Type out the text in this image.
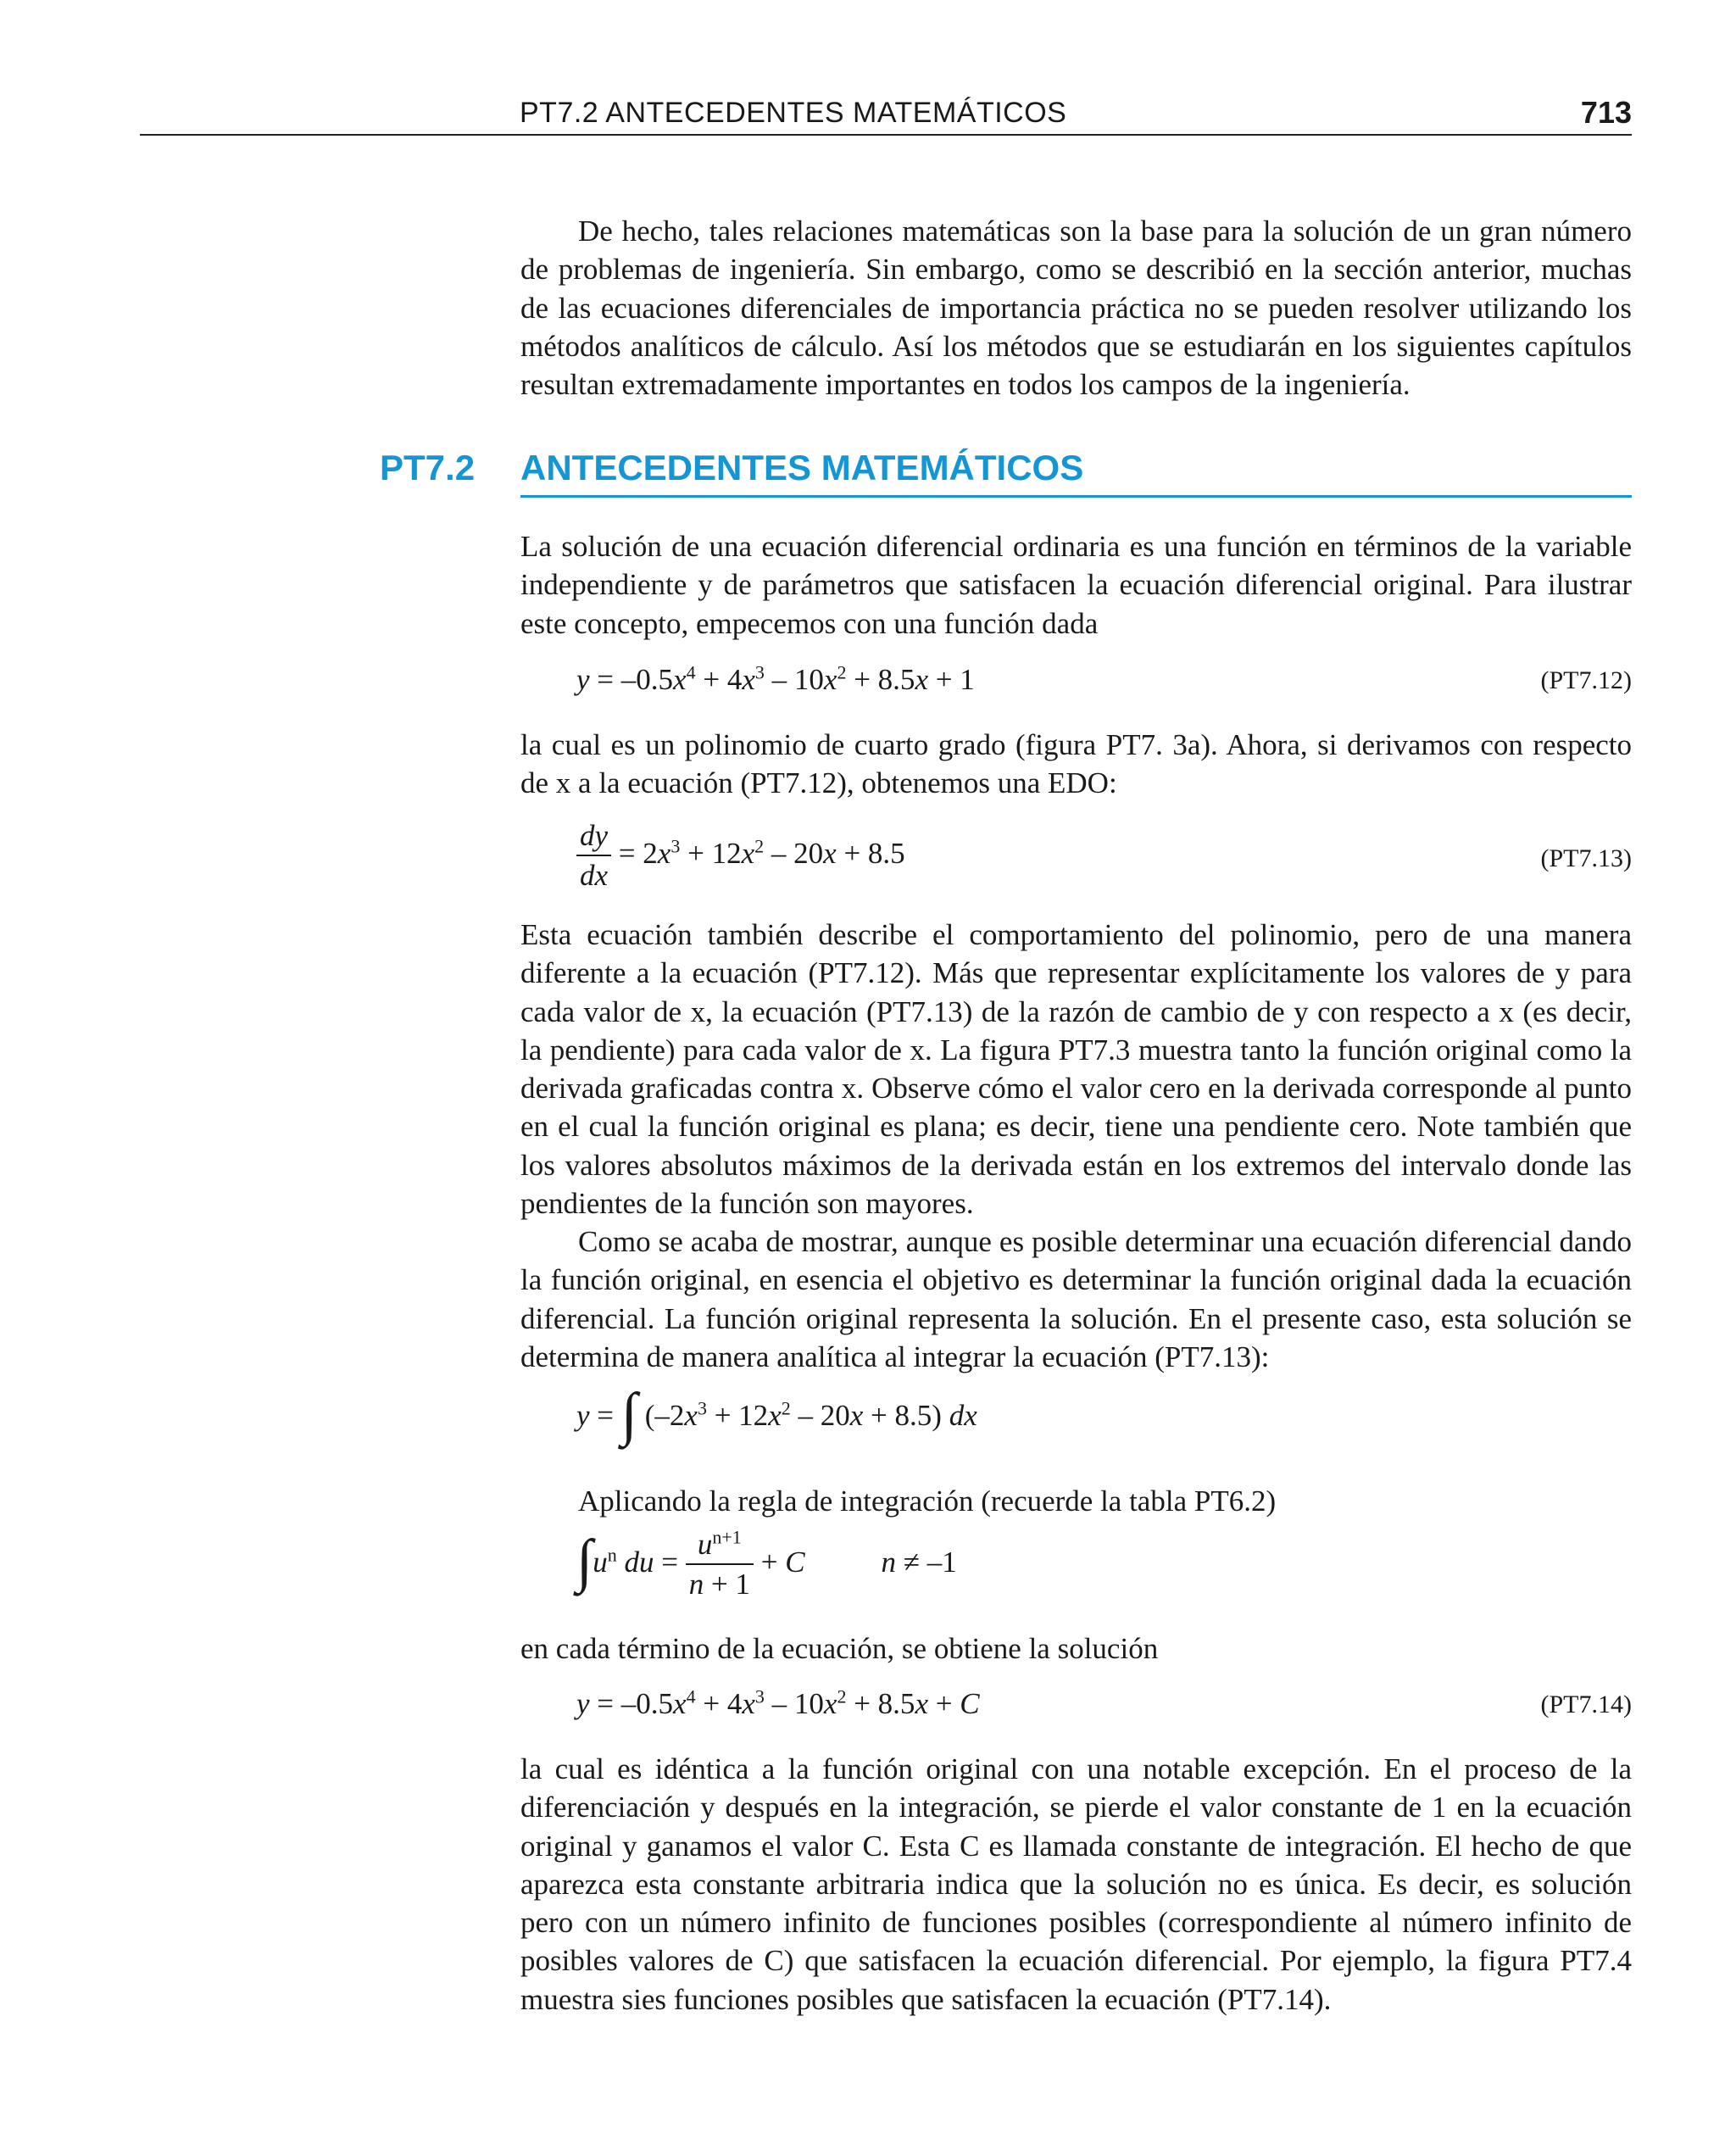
PT7.2 ANTECEDENTES MATEMÁTICOS	713

De hecho, tales relaciones matemáticas son la base para la solución de un gran número de problemas de ingeniería. Sin embargo, como se describió en la sección anterior, muchas de las ecuaciones diferenciales de importancia práctica no se pueden resolver utilizando los métodos analíticos de cálculo. Así los métodos que se estudiarán en los siguientes capítulos resultan extremadamente importantes en todos los campos de la ingeniería.

PT7.2 ANTECEDENTES MATEMÁTICOS

La solución de una ecuación diferencial ordinaria es una función en términos de la variable independiente y de parámetros que satisfacen la ecuación diferencial original. Para ilustrar este concepto, empecemos con una función dada

$y = -0.5x^4 + 4x^3 - 10x^2 + 8.5x + 1$	(PT7.12)

la cual es un polinomio de cuarto grado (figura PT7. 3a). Ahora, si derivamos con respecto de x a la ecuación (PT7.12), obtenemos una EDO:

$\frac{dy}{dx} = 2x^3 + 12x^2 - 20x + 8.5$	(PT7.13)

Esta ecuación también describe el comportamiento del polinomio, pero de una manera diferente a la ecuación (PT7.12). Más que representar explícitamente los valores de y para cada valor de x, la ecuación (PT7.13) de la razón de cambio de y con respecto a x (es decir, la pendiente) para cada valor de x. La figura PT7.3 muestra tanto la función original como la derivada graficadas contra x. Observe cómo el valor cero en la derivada corresponde al punto en el cual la función original es plana; es decir, tiene una pendiente cero. Note también que los valores absolutos máximos de la derivada están en los extremos del intervalo donde las pendientes de la función son mayores.

Como se acaba de mostrar, aunque es posible determinar una ecuación diferencial dando la función original, en esencia el objetivo es determinar la función original dada la ecuación diferencial. La función original representa la solución. En el presente caso, esta solución se determina de manera analítica al integrar la ecuación (PT7.13):

y = ∫ $(-2x^3 + 12x^2 - 20x + 8.5)$ dx

Aplicando la regla de integración (recuerde la tabla PT6.2)

$\int u^n$ du = $\frac{u^{n+1}}{n + 1} + C$	n ≠ –1

en cada término de la ecuación, se obtiene la solución

$y = -0.5x^4 + 4x^3 - 10x^2 + 8.5x + C$	(PT7.14)

la cual es idéntica a la función original con una notable excepción. En el proceso de la diferenciación y después en la integración, se pierde el valor constante de 1 en la ecuación original y ganamos el valor C. Esta C es llamada constante de integración. El hecho de que aparezca esta constante arbitraria indica que la solución no es única. Es decir, es solución pero con un número infinito de funciones posibles (correspondiente al número infinito de posibles valores de C) que satisfacen la ecuación diferencial. Por ejemplo, la figura PT7.4 muestra sies funciones posibles que satisfacen la ecuación (PT7.14).
